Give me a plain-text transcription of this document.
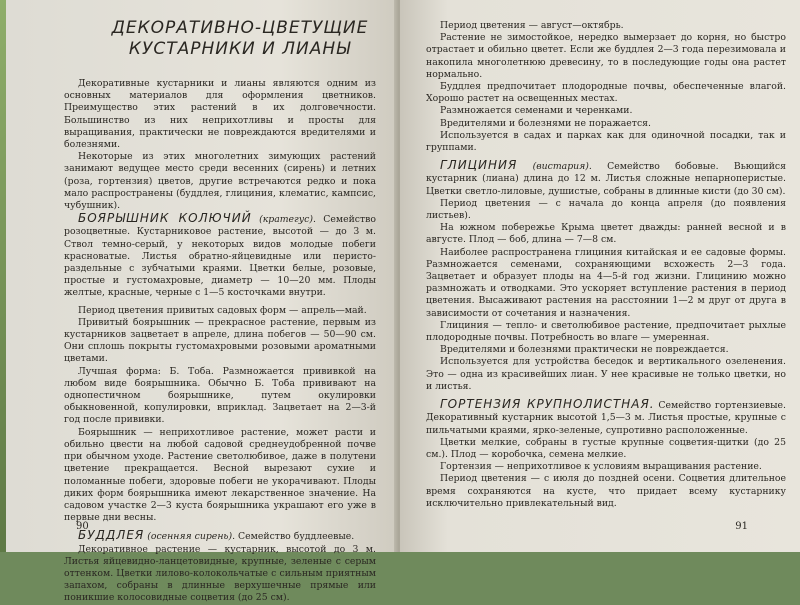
ДЕКОРАТИВНО-ЦВЕТУЩИЕ
КУСТАРНИКИ И ЛИАНЫ

Декоративные кустарники и лианы являются одним из основных материалов для оформления цветников. Преимущество этих растений в их долговечности. Большинство из них неприхотливы и просты для выращивания, практически не повреждаются вредителями и болезнями.

Некоторые из этих многолетних зимующих растений занимают ведущее место среди весенних (сирень) и летних (роза, гортензия) цветов, другие встречаются редко и пока мало распространены (буддлея, глициния, клематис, кампсис, чубушник).

БОЯРЫШНИК КОЛЮЧИЙ (кратегус). Семейство розоцветные. Кустарниковое растение, высотой — до 3 м. Ствол темно-серый, у некоторых видов молодые побеги красноватые. Листья обратно-яйцевидные или перисто-раздельные с зубчатыми краями. Цветки белые, розовые, простые и густомахровые, диаметр — 10—20 мм. Плоды желтые, красные, черные с 1—5 косточками внутри.

Период цветения привитых садовых форм — апрель—май.

Привитый боярышник — прекрасное растение, первым из кустарников зацветает в апреле, длина побегов — 50—90 см. Они сплошь покрыты густомахровыми розовыми ароматными цветами.

Лучшая форма: Б. Тоба. Размножается прививкой на любом виде боярышника. Обычно Б. Тоба прививают на однопестичном боярышнике, путем окулировки обыкновенной, копулировки, вприклад. Зацветает на 2—3-й год после прививки.

Боярышник — неприхотливое растение, может расти и обильно цвести на любой садовой среднеудобренной почве при обычном уходе. Растение светолюбивое, даже в полутени цветение прекращается. Весной вырезают сухие и поломанные побеги, здоровые побеги не укорачивают. Плоды диких форм боярышника имеют лекарственное значение. На садовом участке 2—3 куста боярышника украшают его уже в первые дни весны.

БУДДЛЕЯ (осенняя сирень). Семейство буддлеевые.

Декоративное растение — кустарник, высотой до 3 м. Листья яйцевидно-ланцетовидные, крупные, зеленые с серым оттенком. Цветки лилово-колокольчатые с сильным приятным запахом, собраны в длинные верхушечные прямые или поникшие колосовидные соцветия (до 25 см).

90

Период цветения — август—октябрь.

Растение не зимостойкое, нередко вымерзает до корня, но быстро отрастает и обильно цветет. Если же буддлея 2—3 года перезимовала и накопила многолетнюю древесину, то в последующие годы она растет нормально.

Буддлея предпочитает плодородные почвы, обеспеченные влагой. Хорошо растет на освещенных местах.

Размножается семенами и черенками.

Вредителями и болезнями не поражается.

Используется в садах и парках как для одиночной посадки, так и группами.

ГЛИЦИНИЯ (вистария). Семейство бобовые. Вьющийся кустарник (лиана) длина до 12 м. Листья сложные непарноперистые. Цветки светло-лиловые, душистые, собраны в длинные кисти (до 30 см).

Период цветения — с начала до конца апреля (до появления листьев).

На южном побережье Крыма цветет дважды: ранней весной и в августе. Плод — боб, длина — 7—8 см.

Наиболее распространена глициния китайская и ее садовые формы. Размножается семенами, сохраняющими всхожесть 2—3 года. Зацветает и образует плоды на 4—5-й год жизни. Глицинию можно размножать и отводками. Это ускоряет вступление растения в период цветения. Высаживают растения на расстоянии 1—2 м друг от друга в зависимости от сочетания и назначения.

Глициния — тепло- и светолюбивое растение, предпочитает рыхлые плодородные почвы. Потребность во влаге — умеренная.

Вредителями и болезнями практически не повреждается.

Используется для устройства беседок и вертикального озеленения. Это — одна из красивейших лиан. У нее красивые не только цветки, но и листья.

ГОРТЕНЗИЯ КРУПНОЛИСТНАЯ. Семейство гортензиевые. Декоративный кустарник высотой 1,5—3 м. Листья простые, крупные с пильчатыми краями, ярко-зеленые, супротивно расположенные.

Цветки мелкие, собраны в густые крупные соцветия-щитки (до 25 см.). Плод — коробочка, семена мелкие.

Гортензия — неприхотливое к условиям выращивания растение.

Период цветения — с июля до поздней осени. Соцветия длительное время сохраняются на кусте, что придает всему кустарнику исключительно привлекательный вид.

91
